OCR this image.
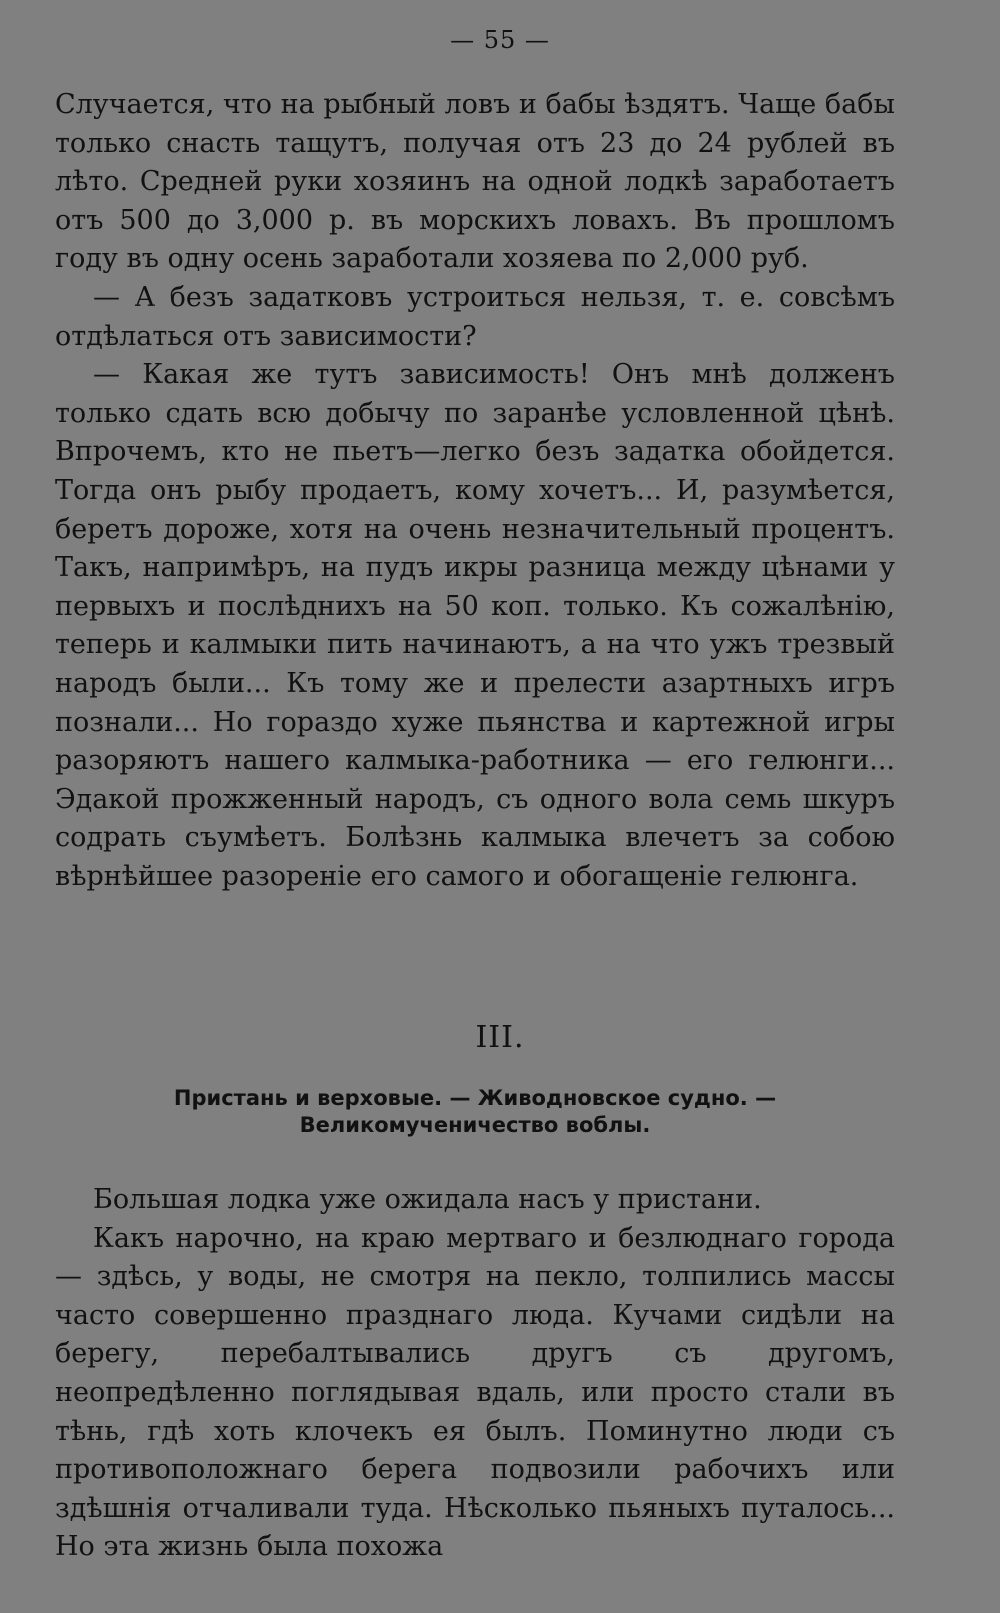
— 55 —

Случается, что на рыбный ловъ и бабы ѣздятъ. Чаще бабы только снасть тащутъ, получая отъ 23 до 24 рублей въ лѣто. Средней руки хозяинъ на одной лодкѣ заработаетъ отъ 500 до 3,000 р. въ морскихъ ловахъ. Въ прошломъ году въ одну осень заработали хозяева по 2,000 руб.

— А безъ задатковъ устроиться нельзя, т. е. совсѣмъ отдѣлаться отъ зависимости?

— Какая же тутъ зависимость! Онъ мнѣ долженъ только сдать всю добычу по заранѣе условленной цѣнѣ. Впрочемъ, кто не пьетъ—легко безъ задатка обойдется. Тогда онъ рыбу продаетъ, кому хочетъ... И, разумѣется, беретъ дороже, хотя на очень незначительный процентъ. Такъ, напримѣръ, на пудъ икры разница между цѣнами у первыхъ и послѣднихъ на 50 коп. только. Къ сожалѣнію, теперь и калмыки пить начинаютъ, а на что ужъ трезвый народъ были... Къ тому же и прелести азартныхъ игръ познали... Но гораздо хуже пьянства и картежной игры разоряютъ нашего калмыка-работника — его гелюнги... Эдакой прожженный народъ, съ одного вола семь шкуръ содрать съумѣетъ. Болѣзнь калмыка влечетъ за собою вѣрнѣйшее разореніе его самого и обогащеніе гелюнга.

III.
Пристань и верховые. — Живодновское судно. — Великомученичество воблы.

Большая лодка уже ожидала насъ у пристани.

Какъ нарочно, на краю мертваго и безлюднаго города— здѣсь, у воды, не смотря на пекло, толпились массы часто совершенно празднаго люда. Кучами сидѣли на берегу, перебалтывались другъ съ другомъ, неопредѣленно поглядывая вдаль, или просто стали въ тѣнь, гдѣ хоть клочекъ ея былъ. Поминутно люди съ противоположнаго берега подвозили рабочихъ или здѣшнія отчаливали туда. Нѣсколько пьяныхъ путалось... Но эта жизнь была похожа
